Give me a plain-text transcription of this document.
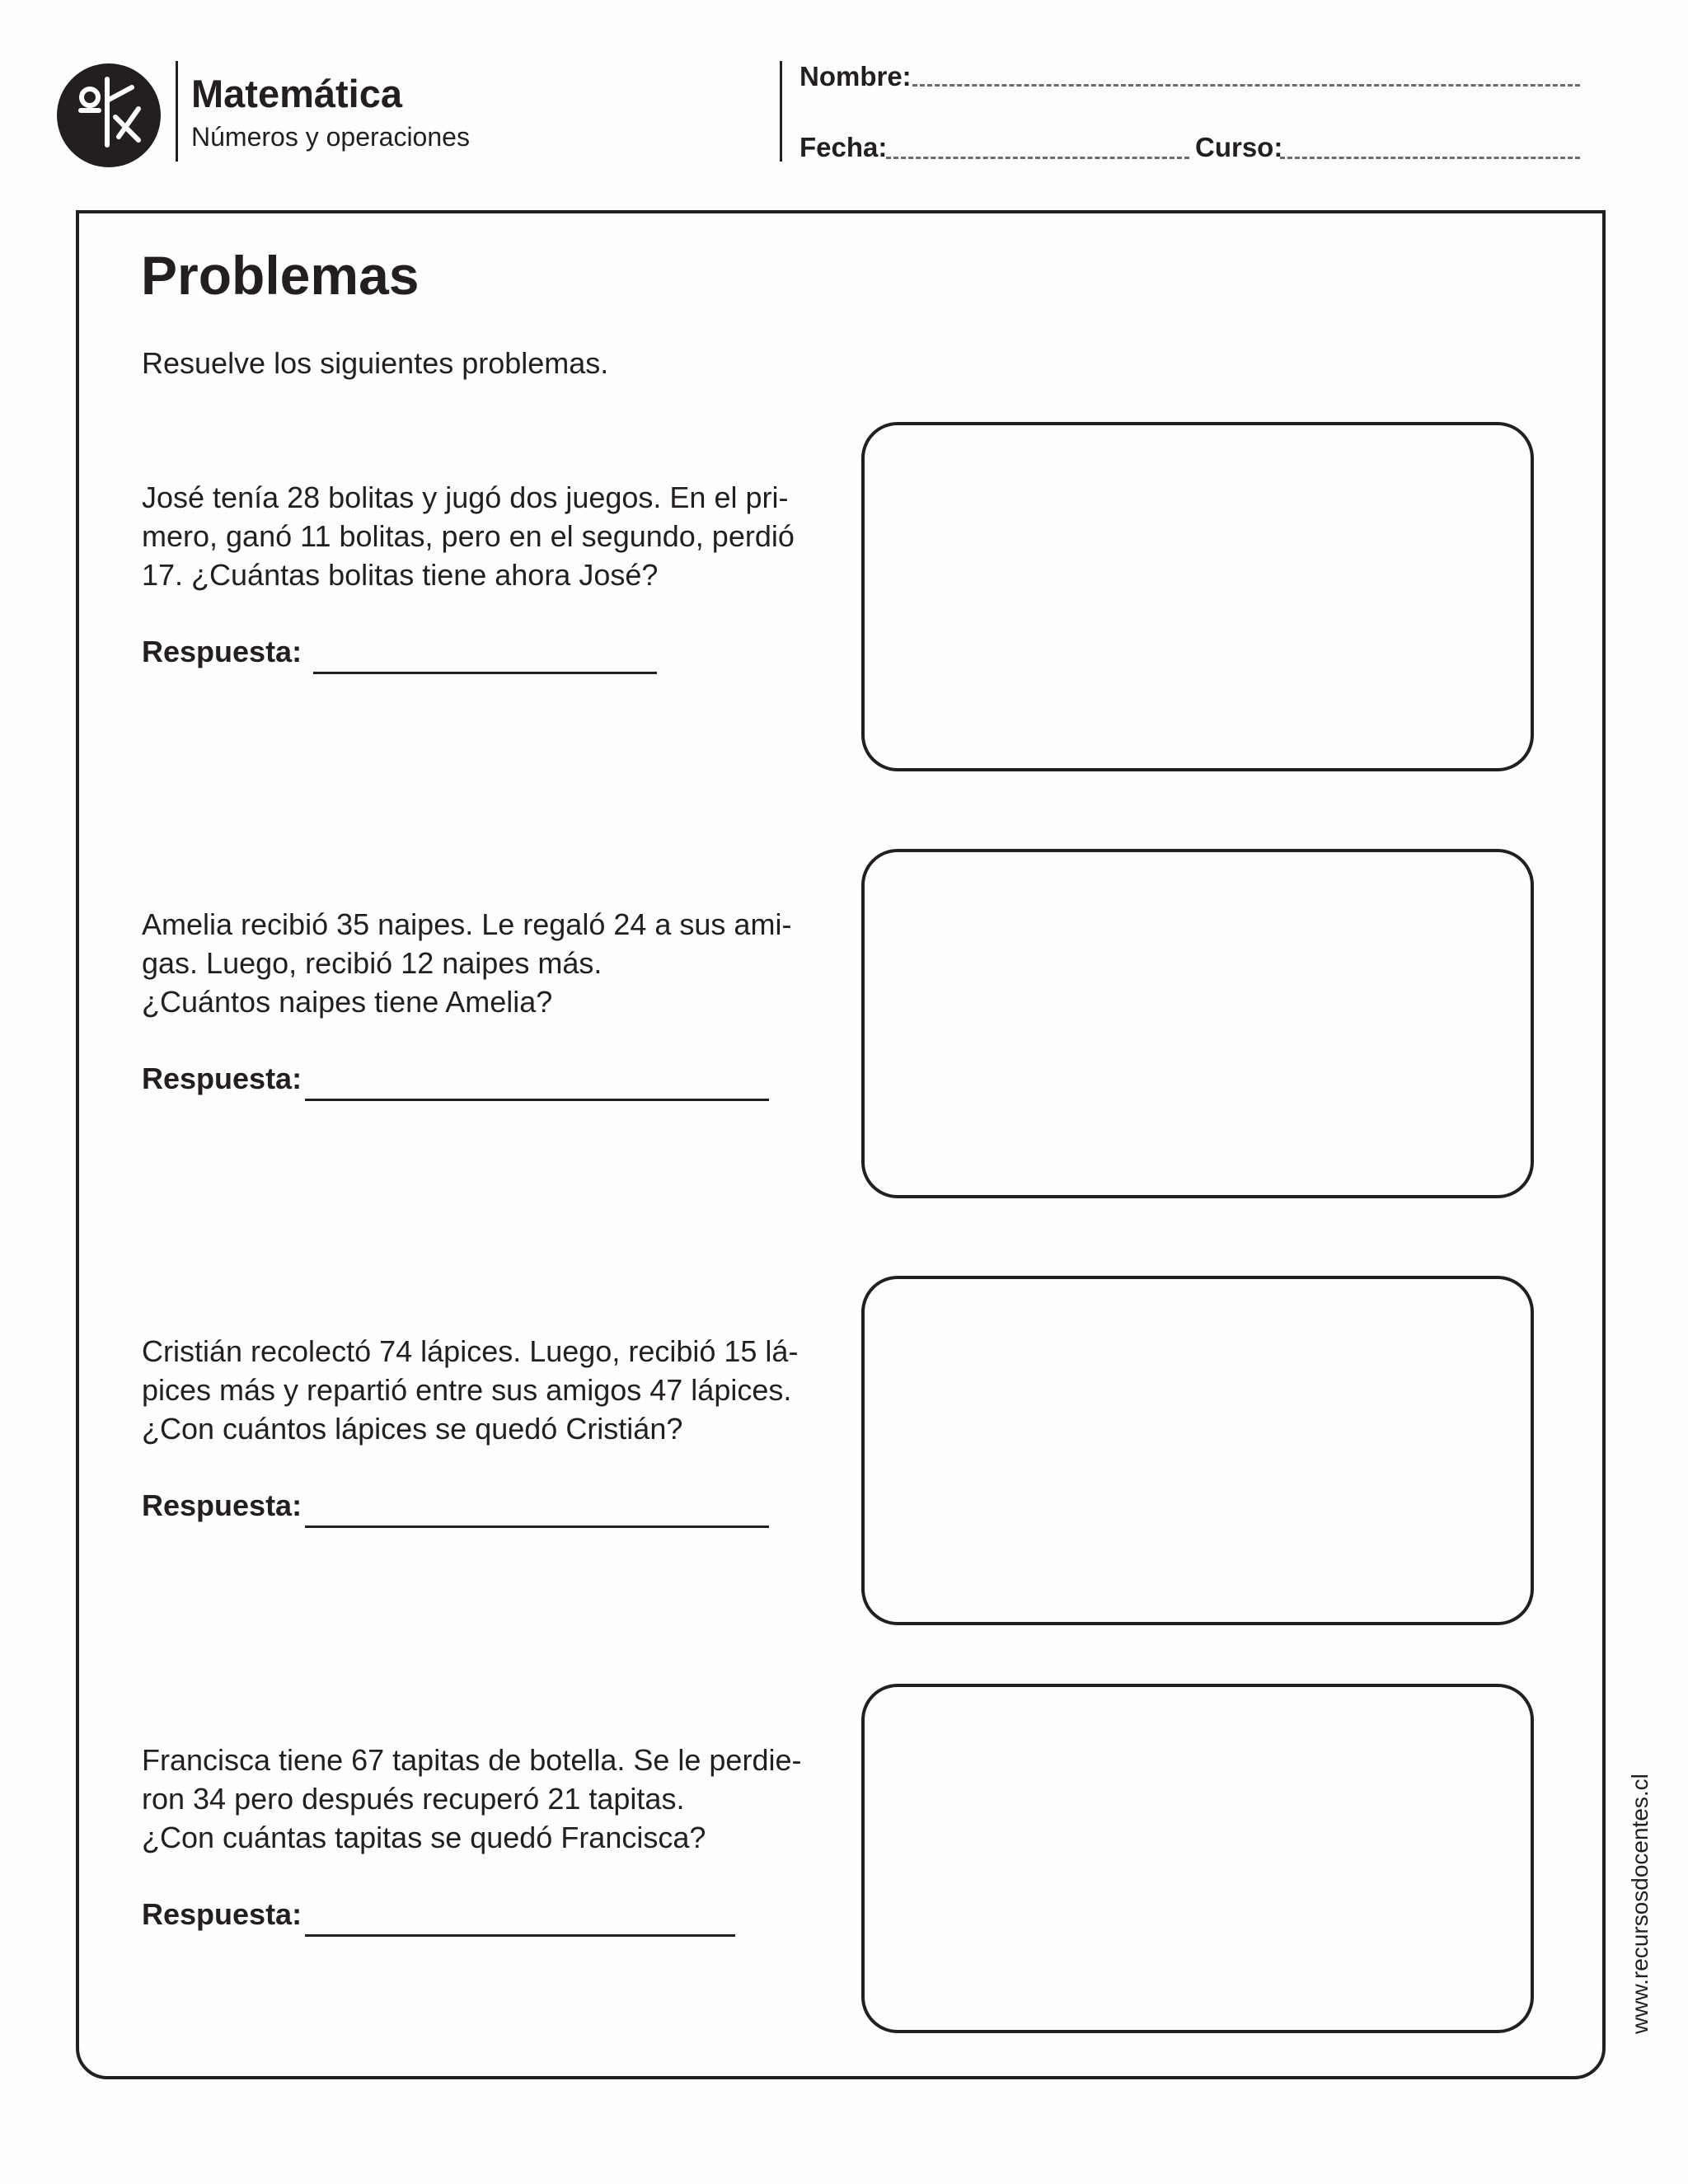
Matemática
Números y operaciones
Nombre:
Fecha:	Curso:
Problemas
Resuelve los siguientes problemas.
José tenía 28 bolitas y jugó dos juegos. En el pri-
mero, ganó 11 bolitas, pero en el segundo, perdió
17. ¿Cuántas bolitas tiene ahora José?
Respuesta:
Amelia recibió 35 naipes. Le regaló 24 a sus ami-
gas. Luego, recibió 12 naipes más.
¿Cuántos naipes tiene Amelia?
Respuesta:
Cristián recolectó 74 lápices. Luego, recibió 15 lá-
pices más y repartió entre sus amigos 47 lápices.
¿Con cuántos lápices se quedó Cristián?
Respuesta:
Francisca tiene 67 tapitas de botella. Se le perdie-
ron 34 pero después recuperó 21 tapitas.
¿Con cuántas tapitas se quedó Francisca?
Respuesta:	www.recursosdocentes.cl
